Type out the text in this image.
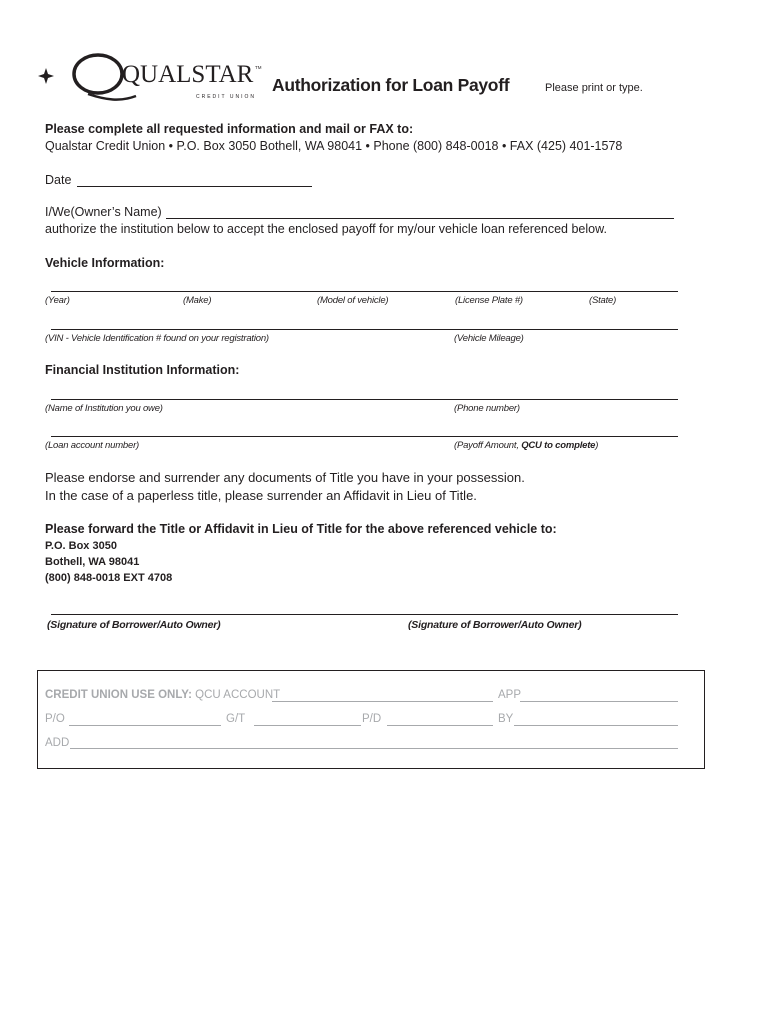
QUALSTAR TM
CREDIT UNION
Authorization for Loan Payoff	Please print or type.
Please complete all requested information and mail or FAX to:
Qualstar Credit Union • P.O. Box 3050 Bothell, WA 98041 • Phone (800) 848-0018 • FAX (425) 401-1578
Date
I/We(Owner’s Name)
authorize the institution below to accept the enclosed payoff for my/our vehicle loan referenced below.
Vehicle Information:
(Year)	(Make)	(Model of vehicle)	(License Plate #)	(State)
(VIN - Vehicle Identification # found on your registration)	(Vehicle Mileage)
Financial Institution Information:
(Name of Institution you owe)	(Phone number)
(Loan account number)	(Payoff Amount, QCU to complete)
Please endorse and surrender any documents of Title you have in your possession.
In the case of a paperless title, please surrender an Affidavit in Lieu of Title.
Please forward the Title or Affidavit in Lieu of Title for the above referenced vehicle to:
P.O. Box 3050
Bothell, WA 98041
(800) 848-0018 EXT 4708
(Signature of Borrower/Auto Owner)	(Signature of Borrower/Auto Owner)
CREDIT UNION USE ONLY: QCU ACCOUNT	APP
P/O	G/T	P/D	BY
ADD
